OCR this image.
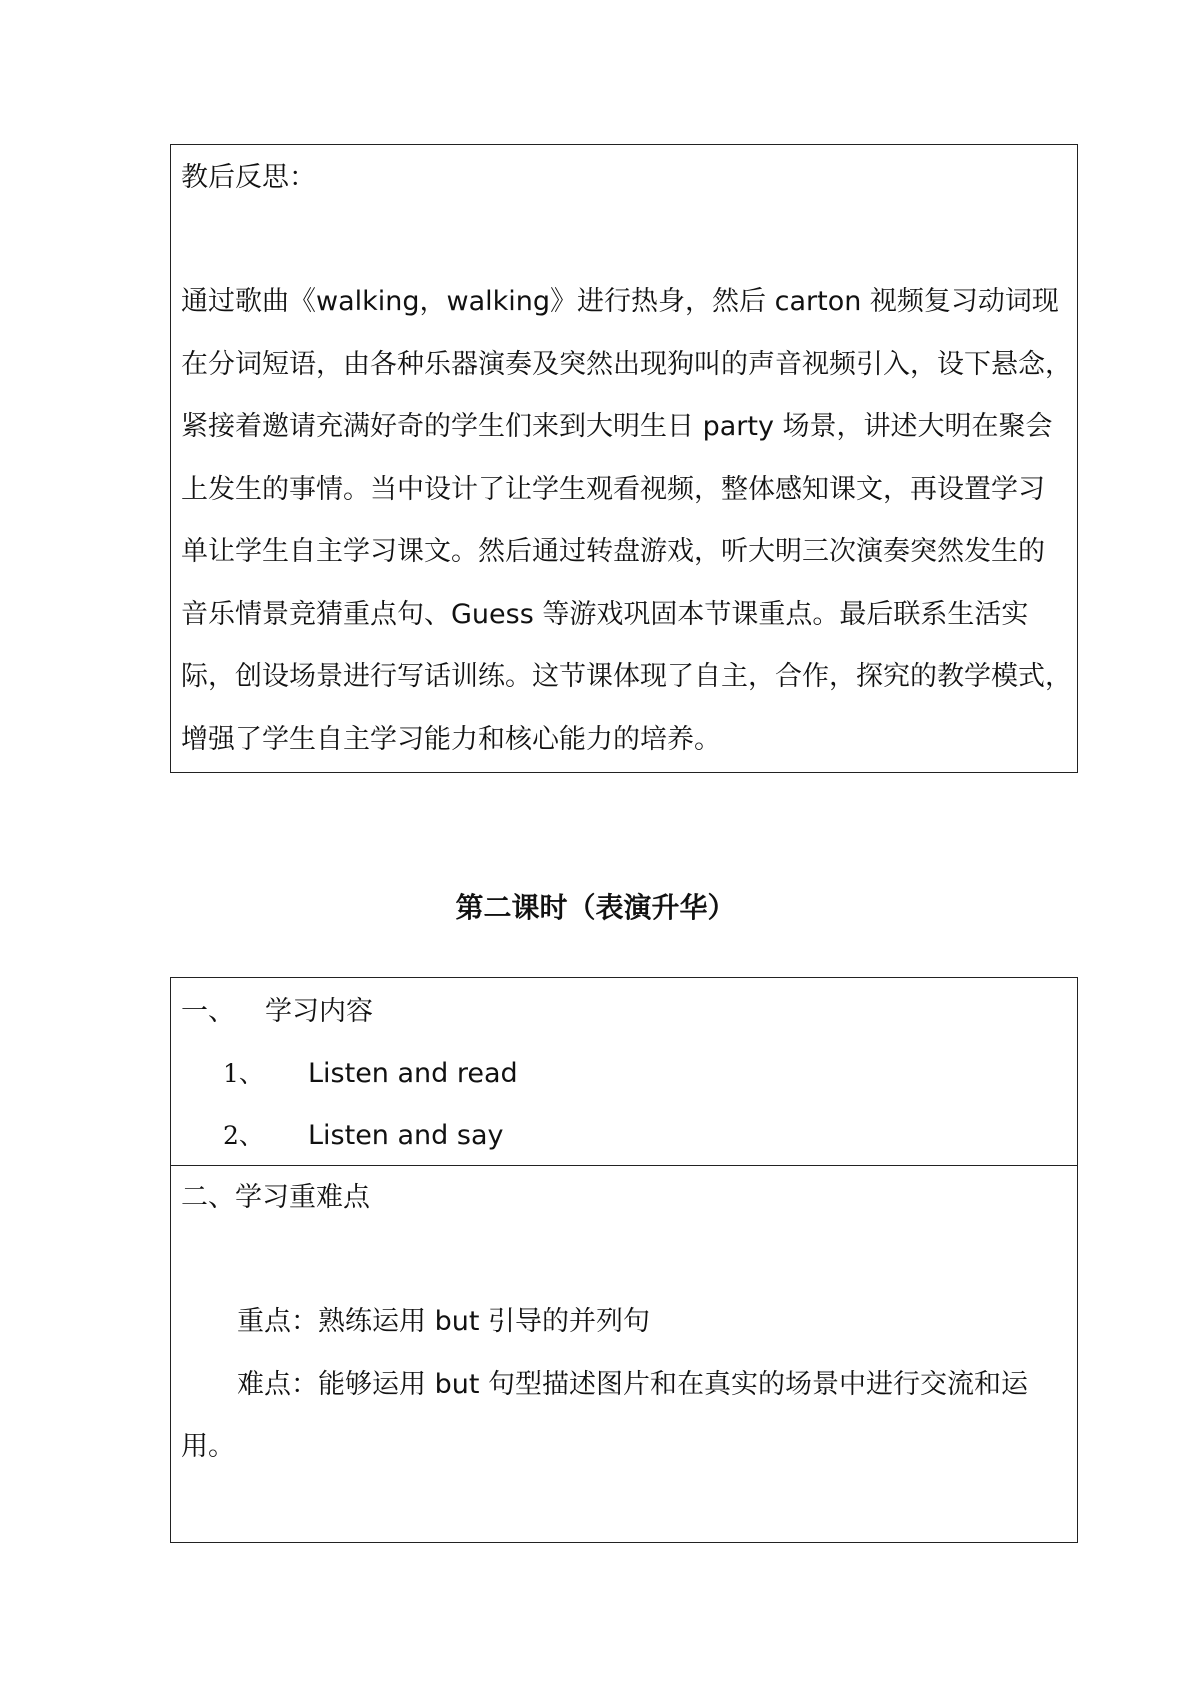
教后反思：
通过歌曲《walking，walking》进行热身，然后 carton 视频复习动词现
在分词短语，由各种乐器演奏及突然出现狗叫的声音视频引入，设下悬念，
紧接着邀请充满好奇的学生们来到大明生日 party 场景，讲述大明在聚会
上发生的事情。当中设计了让学生观看视频，整体感知课文，再设置学习
单让学生自主学习课文。然后通过转盘游戏，听大明三次演奏突然发生的
音乐情景竞猜重点句、Guess 等游戏巩固本节课重点。最后联系生活实
际，创设场景进行写话训练。这节课体现了自主，合作，探究的教学模式，
增强了学生自主学习能力和核心能力的培养。
第二课时（表演升华）
一、 学习内容
1、 Listen and read
2、 Listen and say
二、学习重难点
重点：熟练运用 but 引导的并列句
难点：能够运用 but 句型描述图片和在真实的场景中进行交流和运
用。
